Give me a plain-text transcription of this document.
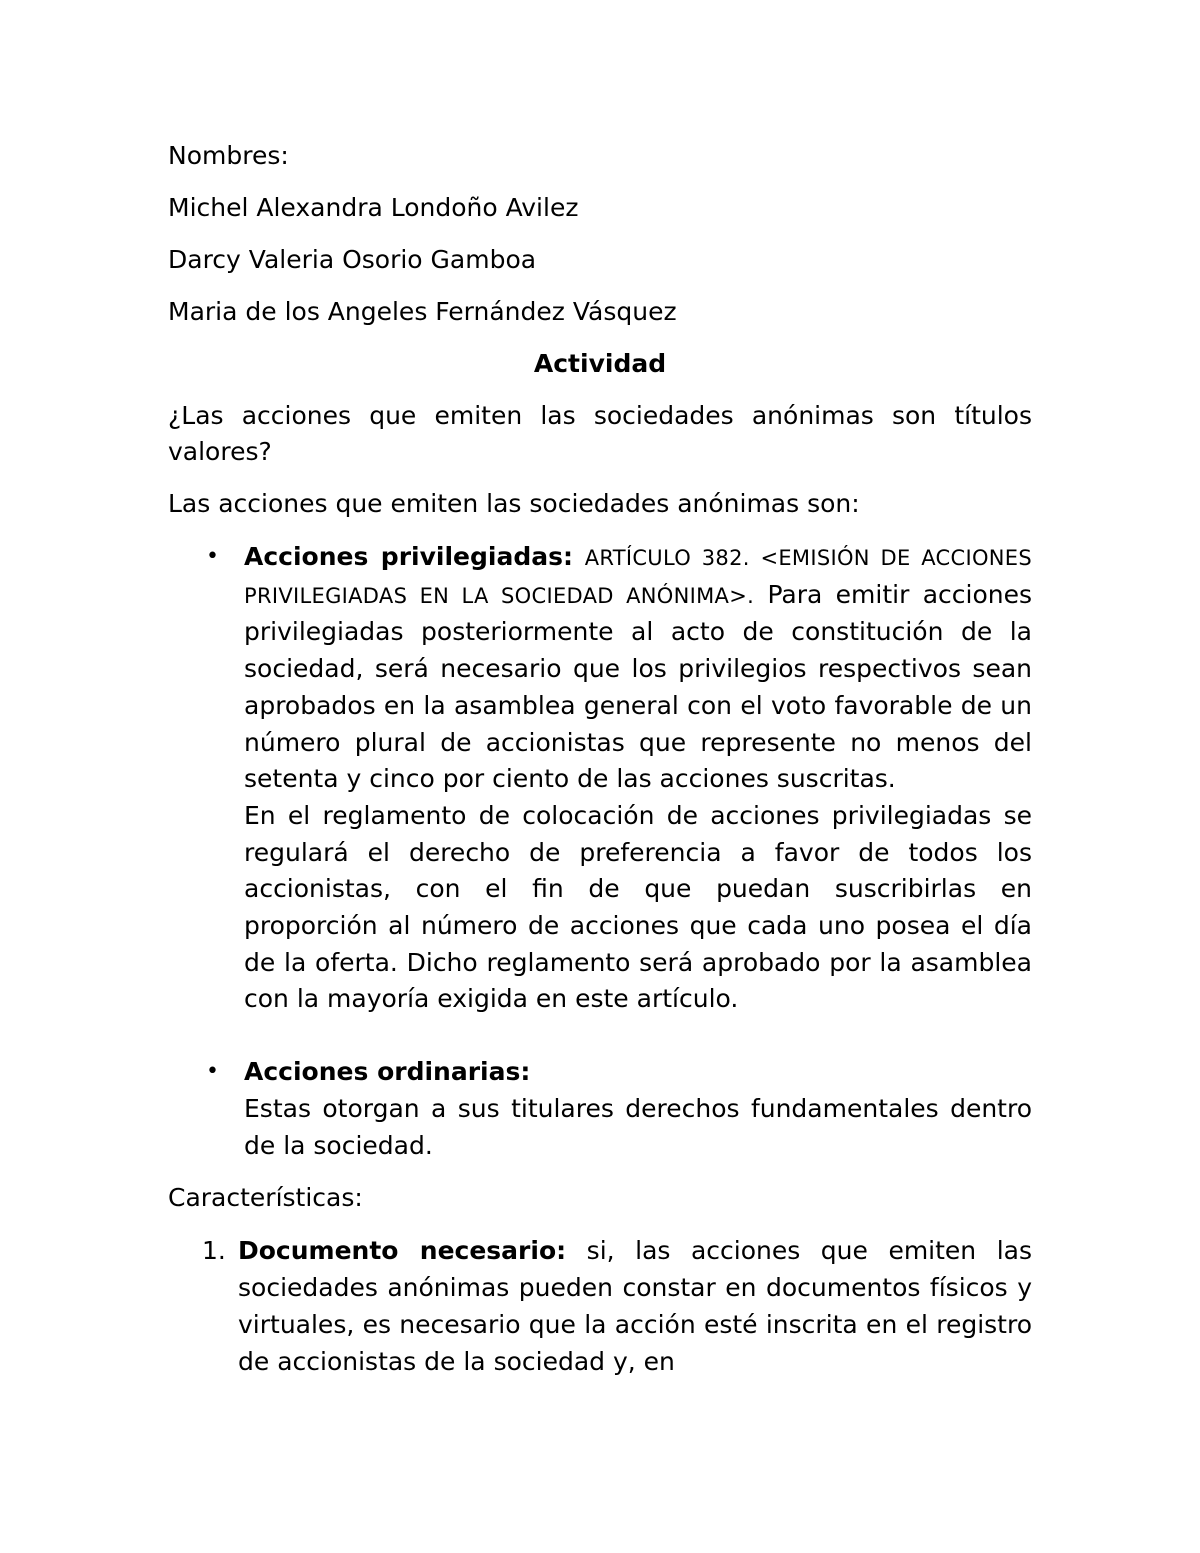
Nombres:

Michel Alexandra Londoño Avilez

Darcy Valeria Osorio Gamboa

Maria de los Angeles Fernández Vásquez

Actividad

¿Las acciones que emiten las sociedades anónimas son títulos valores?

Las acciones que emiten las sociedades anónimas son:

• Acciones privilegiadas: ARTÍCULO 382. <EMISIÓN DE ACCIONES PRIVILEGIADAS EN LA SOCIEDAD ANÓNIMA>. Para emitir acciones privilegiadas posteriormente al acto de constitución de la sociedad, será necesario que los privilegios respectivos sean aprobados en la asamblea general con el voto favorable de un número plural de accionistas que represente no menos del setenta y cinco por ciento de las acciones suscritas.
En el reglamento de colocación de acciones privilegiadas se regulará el derecho de preferencia a favor de todos los accionistas, con el fin de que puedan suscribirlas en proporción al número de acciones que cada uno posea el día de la oferta. Dicho reglamento será aprobado por la asamblea con la mayoría exigida en este artículo.
• Acciones ordinarias:
Estas otorgan a sus titulares derechos fundamentales dentro de la sociedad.

Características:

1. Documento necesario: si, las acciones que emiten las sociedades anónimas pueden constar en documentos físicos y virtuales, es necesario que la acción esté inscrita en el registro de accionistas de la sociedad y, en
